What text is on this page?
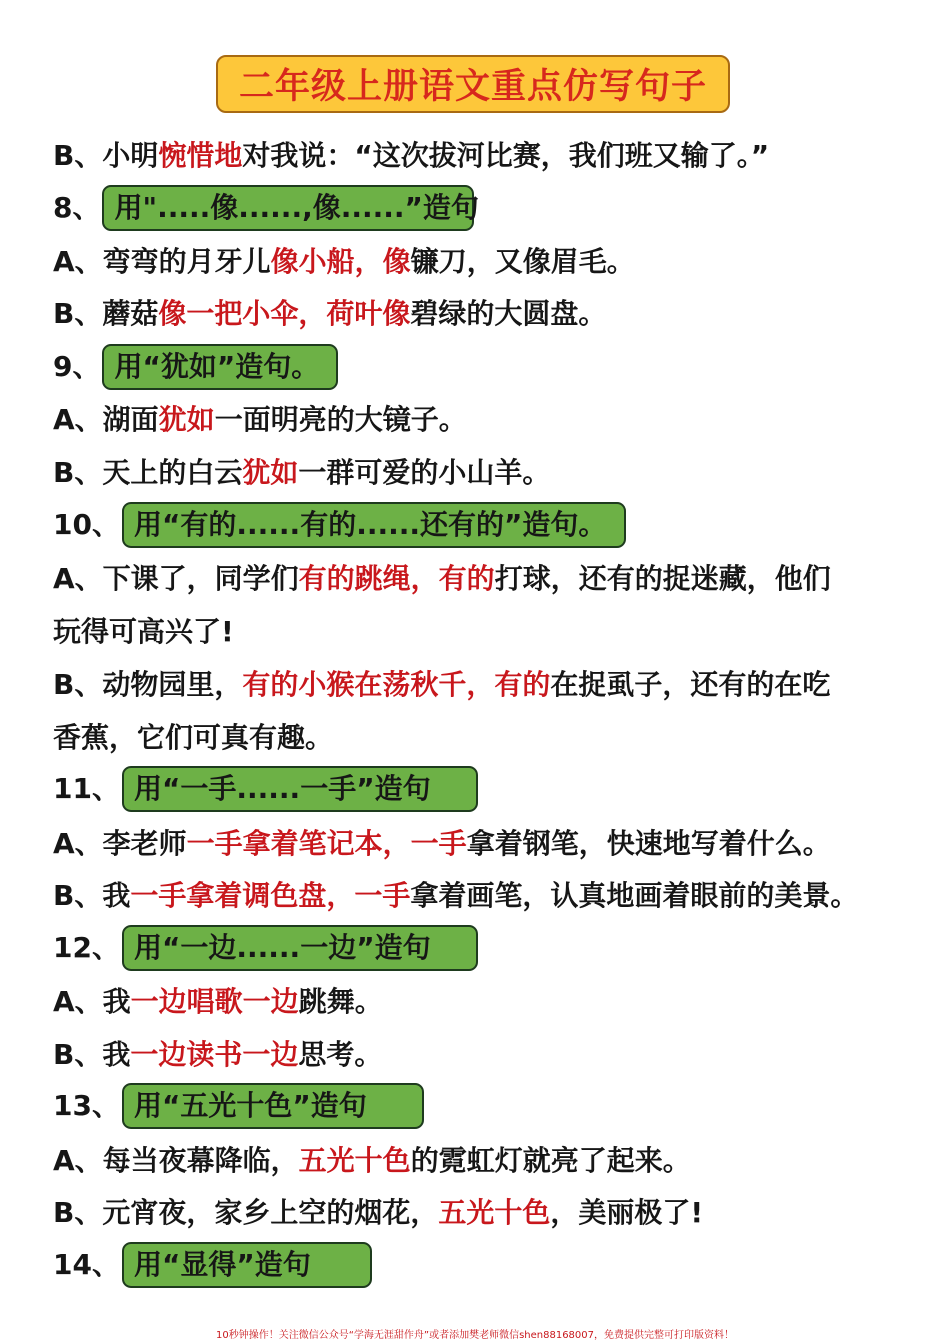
二年级上册语文重点仿写句子
B、小明 惋惜地 对我说：“这次拔河比赛，我们班又输了。”
8、 用".....像......,像......”造句
A、弯弯的月牙儿 像小船，像 镰刀，又像眉毛。
B、蘑菇 像一把小伞，荷叶像 碧绿的大圆盘。
9、 用“犹如”造句。
A、湖面 犹如 一面明亮的大镜子。
B、天上的白云 犹如 一群可爱的小山羊。
10、 用“有的......有的......还有的”造句。
A、下课了，同学们 有的跳绳，有的 打球，还有的捉迷藏，他们
玩得可高兴了!
B、动物园里， 有的小猴在荡秋千，有的 在捉虱子，还有的在吃
香蕉，它们可真有趣。
11、 用“一手......一手”造句
A、李老师 一手拿着笔记本，一手 拿着钢笔，快速地写着什么。
B、我 一手拿着调色盘，一手 拿着画笔，认真地画着眼前的美景。
12、 用“一边......一边”造句
A、我 一边唱歌一边 跳舞。
B、我 一边读书一边 思考。
13、 用“五光十色”造句
A、每当夜幕降临， 五光十色 的霓虹灯就亮了起来。
B、元宵夜，家乡上空的烟花， 五光十色 ，美丽极了!
14、 用“显得”造句
10秒钟操作！关注微信公众号“学海无涯甜作舟”或者添加樊老师微信shen88168007，免费提供完整可打印版资料！
